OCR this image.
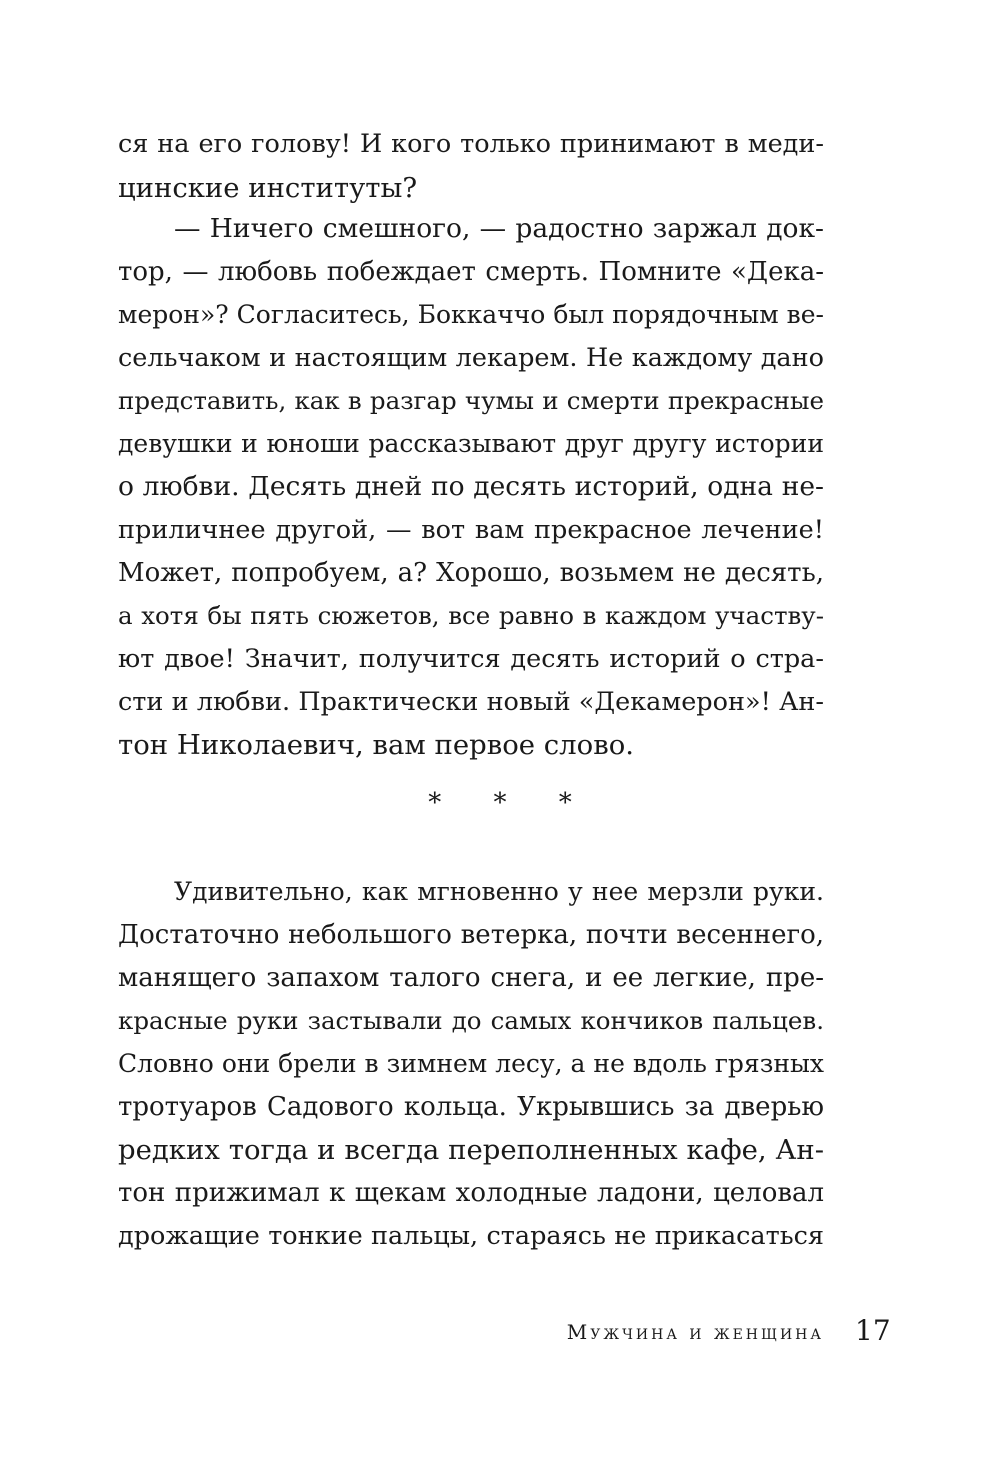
ся на его голову! И кого только принимают в меди-
цинские институты?
— Ничего смешного, — радостно заржал док-
тор, — любовь побеждает смерть. Помните «Дека-
мерон»? Согласитесь, Боккаччо был порядочным ве-
сельчаком и настоящим лекарем. Не каждому дано
представить, как в разгар чумы и смерти прекрасные
девушки и юноши рассказывают друг другу истории
о любви. Десять дней по десять историй, одна не-
приличнее другой, — вот вам прекрасное лечение!
Может, попробуем, а? Хорошо, возьмем не десять,
а хотя бы пять сюжетов, все равно в каждом участву-
ют двое! Значит, получится десять историй о стра-
сти и любви. Практически новый «Декамерон»! Ан-
тон Николаевич, вам первое слово.
* * *
Удивительно, как мгновенно у нее мерзли руки.
Достаточно небольшого ветерка, почти весеннего,
манящего запахом талого снега, и ее легкие, пре-
красные руки застывали до самых кончиков пальцев.
Словно они брели в зимнем лесу, а не вдоль грязных
тротуаров Садового кольца. Укрывшись за дверью
редких тогда и всегда переполненных кафе, Ан-
тон прижимал к щекам холодные ладони, целовал
дрожащие тонкие пальцы, стараясь не прикасаться
Мужчина и женщина 17
